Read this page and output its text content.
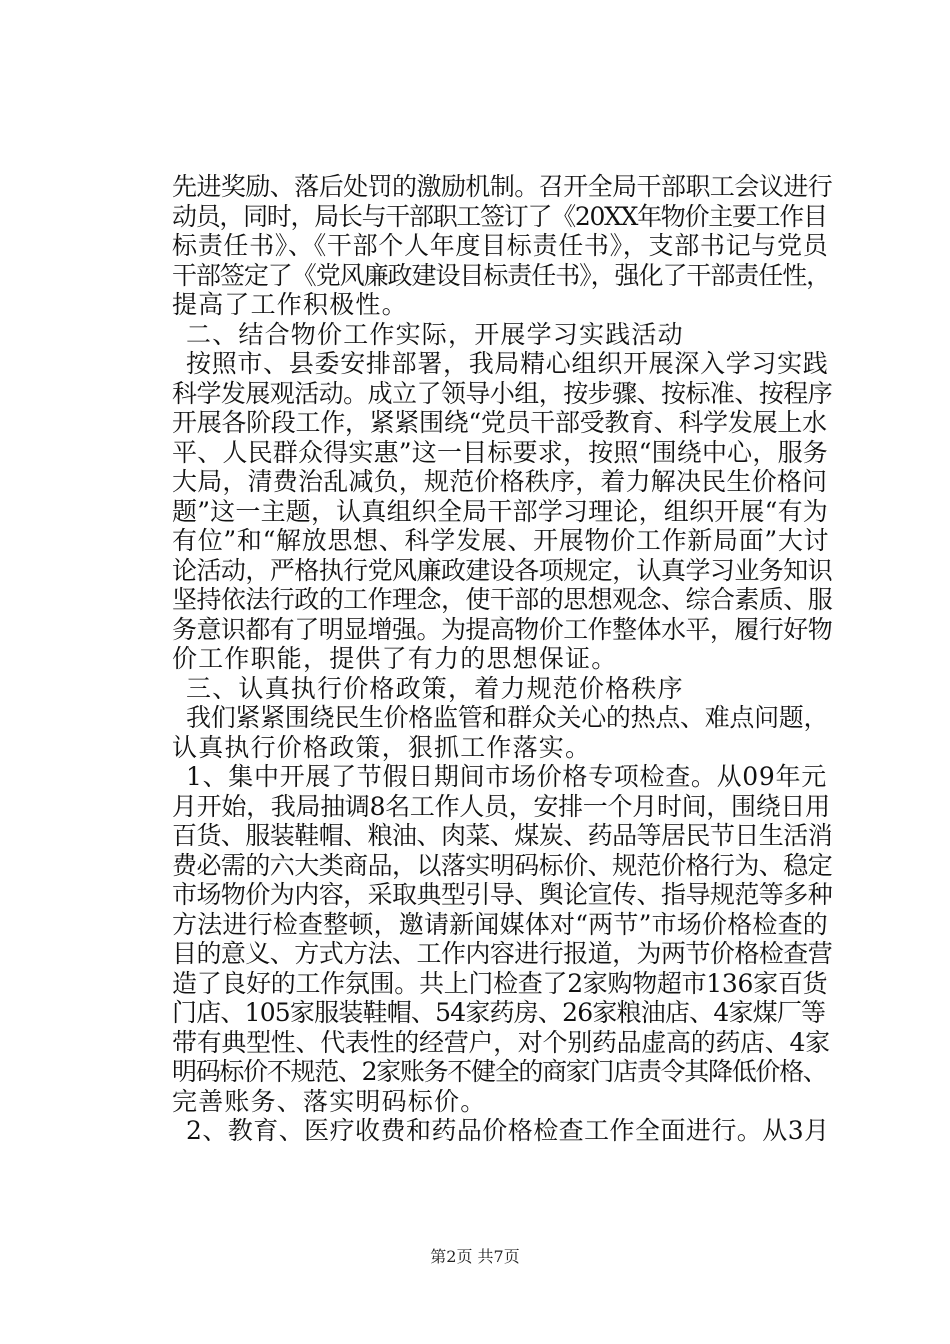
先进奖励、落后处罚的激励机制。召开全局干部职工会议进行
动员，同时，局长与干部职工签订了《20XX年物价主要工作目
标责任书》、《干部个人年度目标责任书》，支部书记与党员
干部签定了《党风廉政建设目标责任书》，强化了干部责任性，
提高了工作积极性。
二、结合物价工作实际，开展学习实践活动
按照市、县委安排部署，我局精心组织开展深入学习实践
科学发展观活动。成立了领导小组，按步骤、按标准、按程序
开展各阶段工作，紧紧围绕“党员干部受教育、科学发展上水
平、人民群众得实惠”这一目标要求，按照“围绕中心，服务
大局，清费治乱减负，规范价格秩序，着力解决民生价格问
题”这一主题，认真组织全局干部学习理论，组织开展“有为
有位”和“解放思想、科学发展、开展物价工作新局面”大讨
论活动，严格执行党风廉政建设各项规定，认真学习业务知识
坚持依法行政的工作理念，使干部的思想观念、综合素质、服
务意识都有了明显增强。为提高物价工作整体水平，履行好物
价工作职能，提供了有力的思想保证。
三、认真执行价格政策，着力规范价格秩序
我们紧紧围绕民生价格监管和群众关心的热点、难点问题，
认真执行价格政策，狠抓工作落实。
1、集中开展了节假日期间市场价格专项检查。从09年元
月开始，我局抽调8名工作人员，安排一个月时间，围绕日用
百货、服装鞋帽、粮油、肉菜、煤炭、药品等居民节日生活消
费必需的六大类商品，以落实明码标价、规范价格行为、稳定
市场物价为内容，采取典型引导、舆论宣传、指导规范等多种
方法进行检查整顿，邀请新闻媒体对“两节”市场价格检查的
目的意义、方式方法、工作内容进行报道，为两节价格检查营
造了良好的工作氛围。共上门检查了2家购物超市136家百货
门店、105家服装鞋帽、54家药房、26家粮油店、4家煤厂等
带有典型性、代表性的经营户，对个别药品虚高的药店、4家
明码标价不规范、2家账务不健全的商家门店责令其降低价格、
完善账务、落实明码标价。
2、教育、医疗收费和药品价格检查工作全面进行。从3月
第2页 共7页
